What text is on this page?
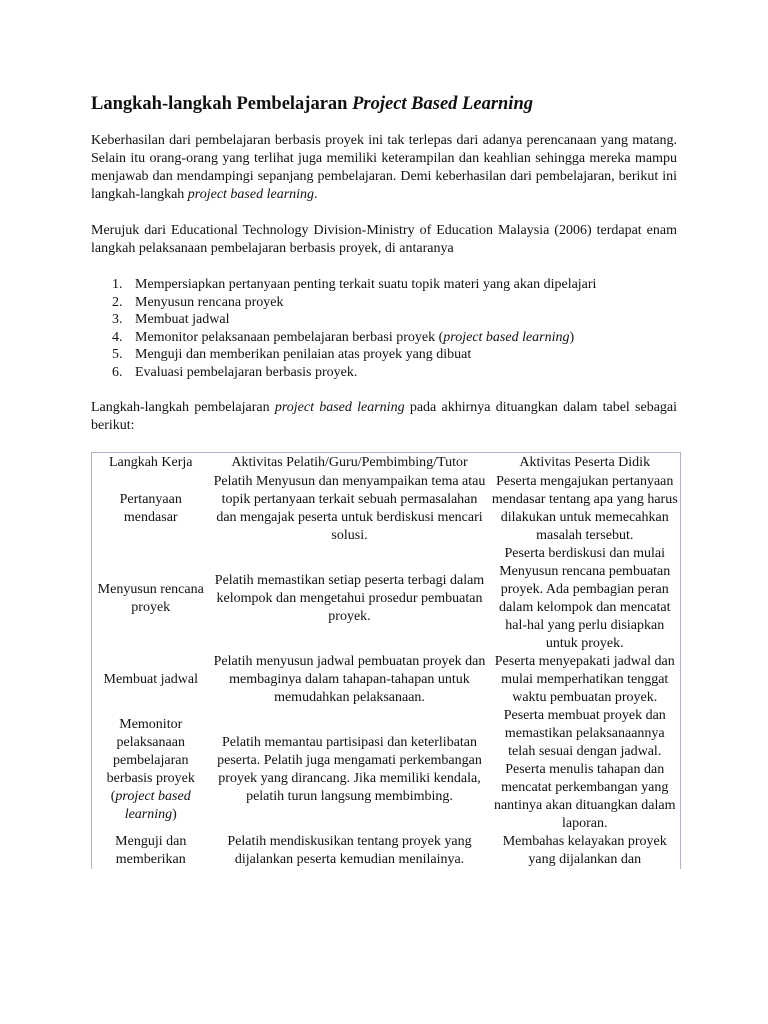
Langkah-langkah Pembelajaran Project Based Learning

Keberhasilan dari pembelajaran berbasis proyek ini tak terlepas dari adanya perencanaan yang matang. Selain itu orang-orang yang terlihat juga memiliki keterampilan dan keahlian sehingga mereka mampu menjawab dan mendampingi sepanjang pembelajaran. Demi keberhasilan dari pembelajaran, berikut ini langkah-langkah project based learning.

Merujuk dari Educational Technology Division-Ministry of Education Malaysia (2006) terdapat enam langkah pelaksanaan pembelajaran berbasis proyek, di antaranya

1. Mempersiapkan pertanyaan penting terkait suatu topik materi yang akan dipelajari
2. Menyusun rencana proyek
3. Membuat jadwal
4. Memonitor pelaksanaan pembelajaran berbasi proyek (project based learning)
5. Menguji dan memberikan penilaian atas proyek yang dibuat
6. Evaluasi pembelajaran berbasis proyek.

Langkah-langkah pembelajaran project based learning pada akhirnya dituangkan dalam tabel sebagai berikut:

Langkah Kerja	Aktivitas Pelatih/Guru/Pembimbing/Tutor	Aktivitas Peserta Didik
Pertanyaan mendasar	Pelatih Menyusun dan menyampaikan tema atau topik pertanyaan terkait sebuah permasalahan dan mengajak peserta untuk berdiskusi mencari solusi.	Peserta mengajukan pertanyaan mendasar tentang apa yang harus dilakukan untuk memecahkan masalah tersebut.
Menyusun rencana proyek	Pelatih memastikan setiap peserta terbagi dalam kelompok dan mengetahui prosedur pembuatan proyek.	Peserta berdiskusi dan mulai Menyusun rencana pembuatan proyek. Ada pembagian peran dalam kelompok dan mencatat hal-hal yang perlu disiapkan untuk proyek.
Membuat jadwal	Pelatih menyusun jadwal pembuatan proyek dan membaginya dalam tahapan-tahapan untuk memudahkan pelaksanaan.	Peserta menyepakati jadwal dan mulai memperhatikan tenggat waktu pembuatan proyek.
Memonitor pelaksanaan pembelajaran berbasis proyek (project based learning)	Pelatih memantau partisipasi dan keterlibatan peserta. Pelatih juga mengamati perkembangan proyek yang dirancang. Jika memiliki kendala, pelatih turun langsung membimbing.	Peserta membuat proyek dan memastikan pelaksanaannya telah sesuai dengan jadwal. Peserta menulis tahapan dan mencatat perkembangan yang nantinya akan dituangkan dalam laporan.
Menguji dan memberikan	Pelatih mendiskusikan tentang proyek yang dijalankan peserta kemudian menilainya.	Membahas kelayakan proyek yang dijalankan dan
